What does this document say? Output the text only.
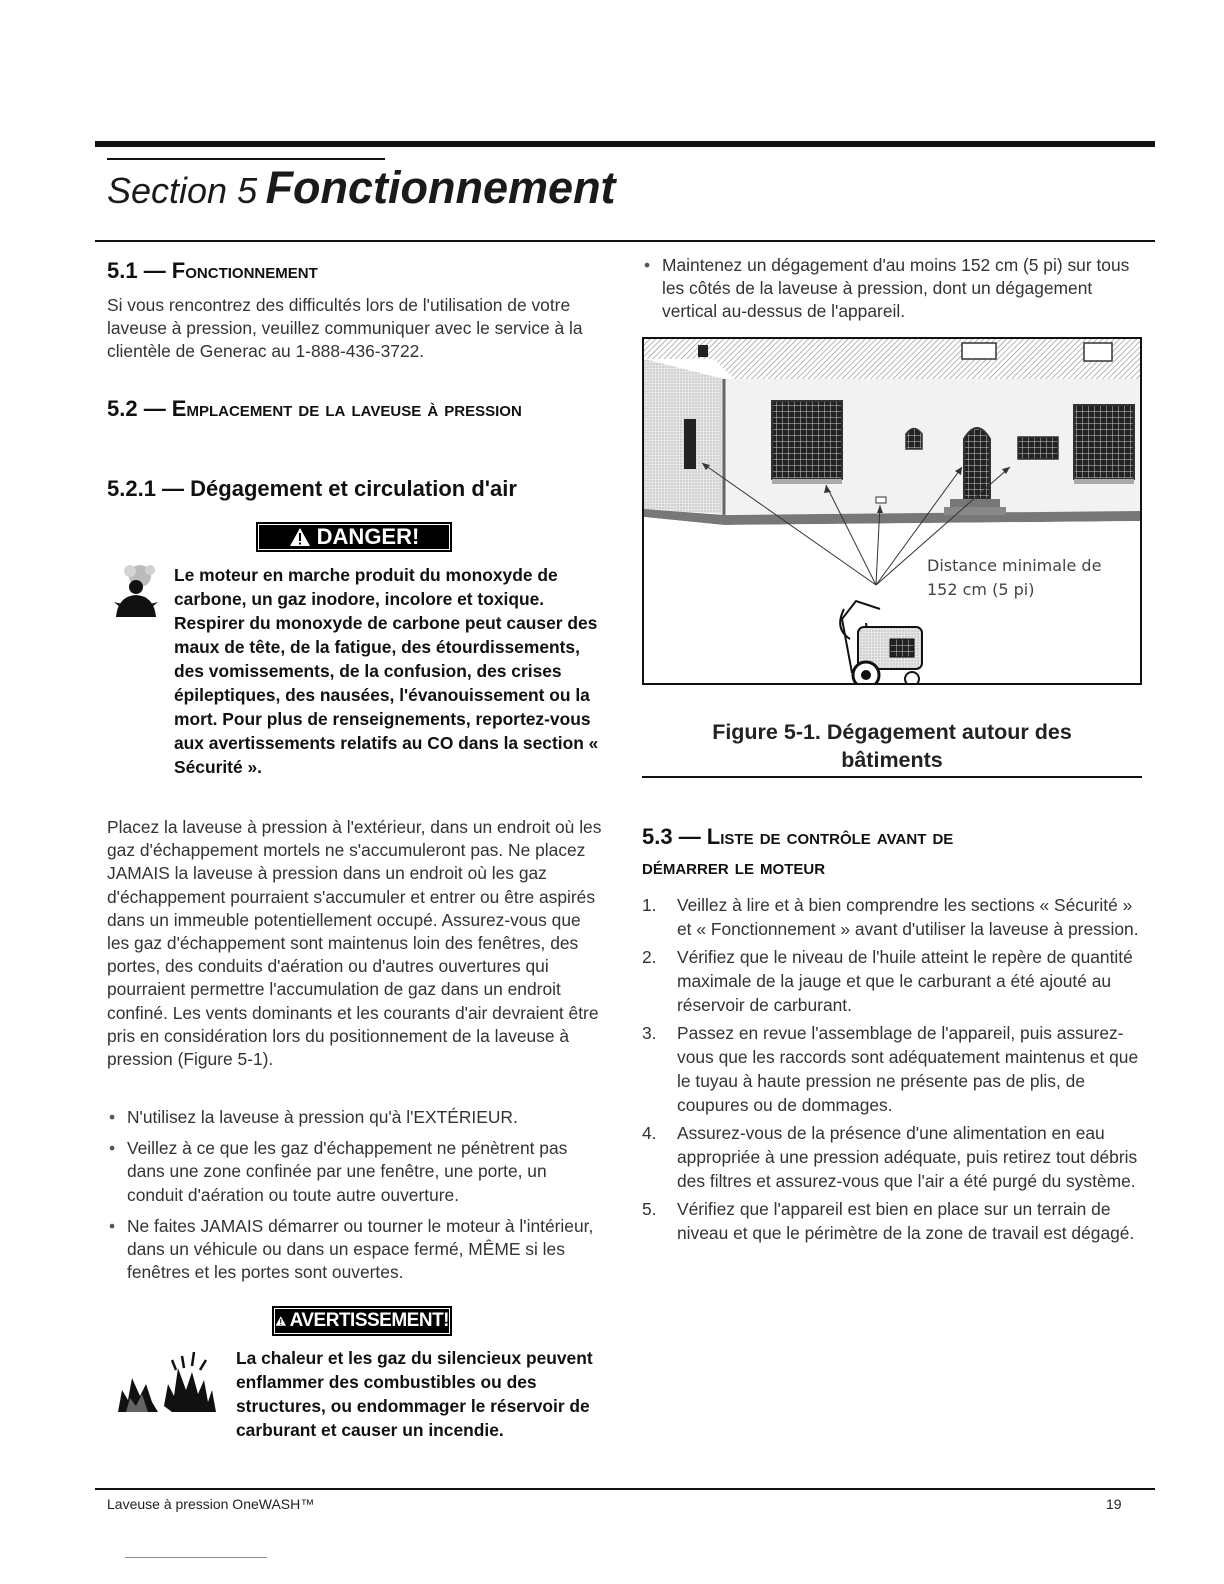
Section 5 Fonctionnement
5.1 — Fonctionnement
Si vous rencontrez des difficultés lors de l'utilisation de votre laveuse à pression, veuillez communiquer avec le service à la clientèle de Generac au 1-888-436-3722.
5.2 — Emplacement de la laveuse à pression
5.2.1 — Dégagement et circulation d'air
DANGER!
Le moteur en marche produit du monoxyde de carbone, un gaz inodore, incolore et toxique. Respirer du monoxyde de carbone peut causer des maux de tête, de la fatigue, des étourdissements, des vomissements, de la confusion, des crises épileptiques, des nausées, l'évanouissement ou la mort. Pour plus de renseignements, reportez-vous aux avertissements relatifs au CO dans la section « Sécurité ».
Placez la laveuse à pression à l'extérieur, dans un endroit où les gaz d'échappement mortels ne s'accumuleront pas. Ne placez JAMAIS la laveuse à pression dans un endroit où les gaz d'échappement pourraient s'accumuler et entrer ou être aspirés dans un immeuble potentiellement occupé. Assurez-vous que les gaz d'échappement sont maintenus loin des fenêtres, des portes, des conduits d'aération ou d'autres ouvertures qui pourraient permettre l'accumulation de gaz dans un endroit confiné. Les vents dominants et les courants d'air devraient être pris en considération lors du positionnement de la laveuse à pression (Figure 5-1).
• N'utilisez la laveuse à pression qu'à l'EXTÉRIEUR.
• Veillez à ce que les gaz d'échappement ne pénètrent pas dans une zone confinée par une fenêtre, une porte, un conduit d'aération ou toute autre ouverture.
• Ne faites JAMAIS démarrer ou tourner le moteur à l'intérieur, dans un véhicule ou dans un espace fermé, MÊME si les fenêtres et les portes sont ouvertes.
AVERTISSEMENT!
La chaleur et les gaz du silencieux peuvent enflammer des combustibles ou des structures, ou endommager le réservoir de carburant et causer un incendie.
• Maintenez un dégagement d'au moins 152 cm (5 pi) sur tous les côtés de la laveuse à pression, dont un dégagement vertical au-dessus de l'appareil.
Distance minimale de
152 cm (5 pi)
Figure 5-1. Dégagement autour des
bâtiments
5.3 — Liste de contrôle avant de
démarrer le moteur
1. Veillez à lire et à bien comprendre les sections « Sécurité » et « Fonctionnement » avant d'utiliser la laveuse à pression.
2. Vérifiez que le niveau de l'huile atteint le repère de quantité maximale de la jauge et que le carburant a été ajouté au réservoir de carburant.
3. Passez en revue l'assemblage de l'appareil, puis assurez-vous que les raccords sont adéquatement maintenus et que le tuyau à haute pression ne présente pas de plis, de coupures ou de dommages.
4. Assurez-vous de la présence d'une alimentation en eau appropriée à une pression adéquate, puis retirez tout débris des filtres et assurez-vous que l'air a été purgé du système.
5. Vérifiez que l'appareil est bien en place sur un terrain de niveau et que le périmètre de la zone de travail est dégagé.
Laveuse à pression OneWASH™	19
